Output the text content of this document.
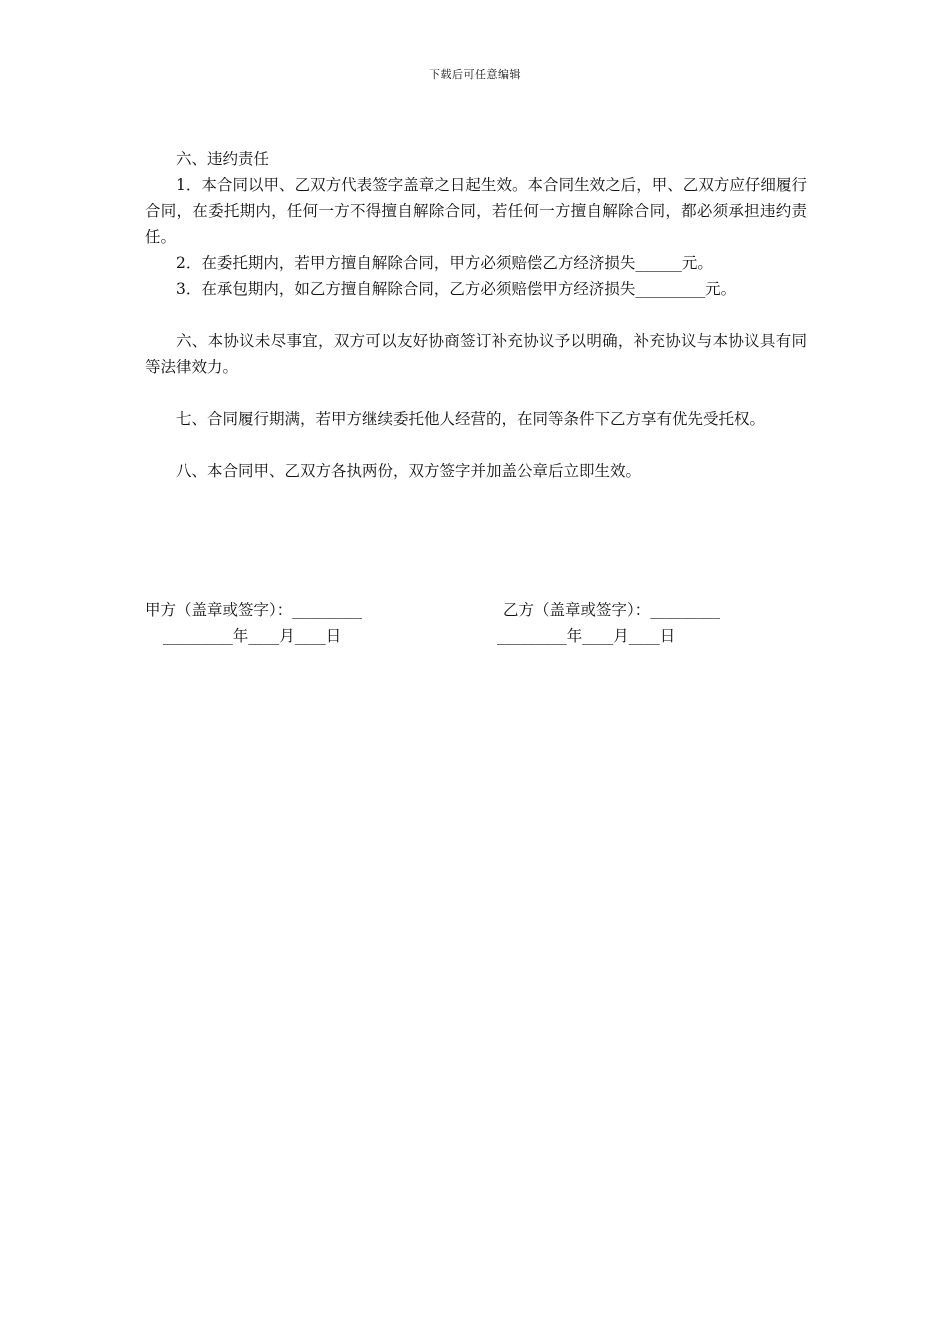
下载后可任意编辑

六、违约责任

1．本合同以甲、乙双方代表签字盖章之日起生效。本合同生效之后，甲、乙双方应仔细履行合同，在委托期内，任何一方不得擅自解除合同，若任何一方擅自解除合同，都必须承担违约责任。

2．在委托期内，若甲方擅自解除合同，甲方必须赔偿乙方经济损失______元。

3．在承包期内，如乙方擅自解除合同，乙方必须赔偿甲方经济损失_________元。

六、本协议未尽事宜，双方可以友好协商签订补充协议予以明确，补充协议与本协议具有同等法律效力。

七、合同履行期满，若甲方继续委托他人经营的，在同等条件下乙方享有优先受托权。

八、本合同甲、乙双方各执两份，双方签字并加盖公章后立即生效。

甲方（盖章或签字）：_________	乙方（盖章或签字）：_________
_________年____月____日	_________年____月____日
